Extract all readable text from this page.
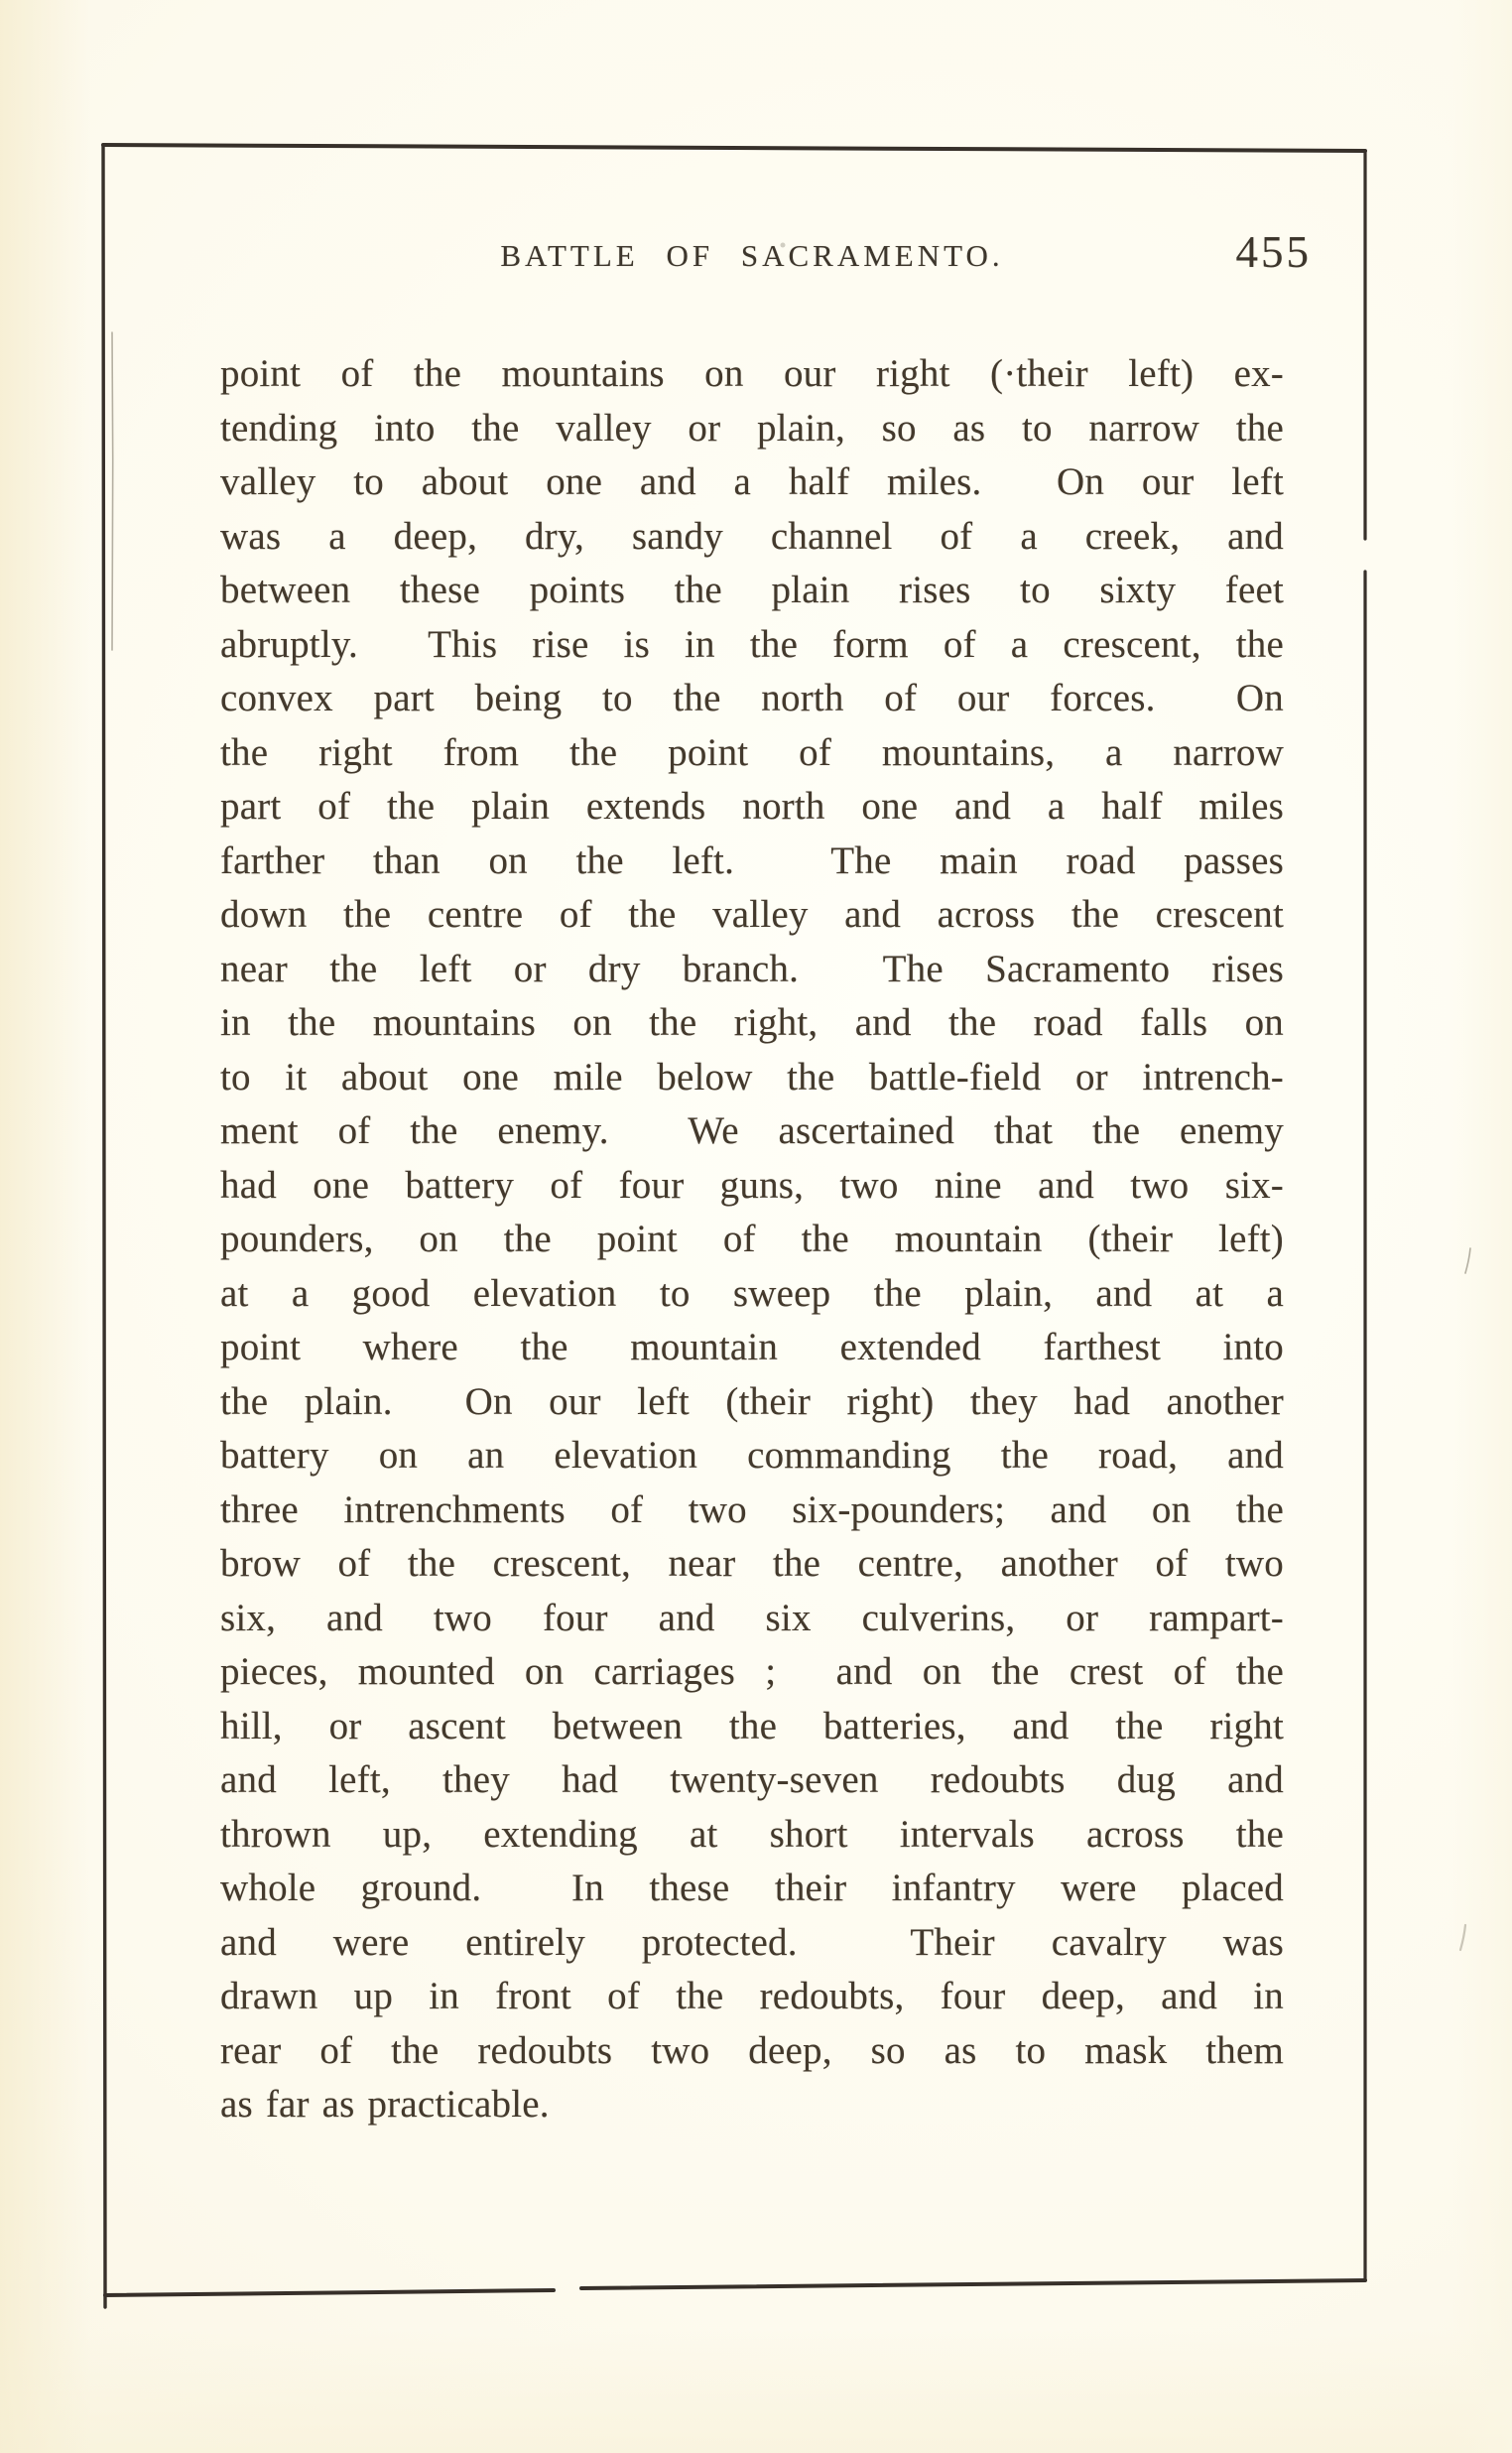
BATTLE OF SACRAMENTO.	455
point of the mountains on our right (·their left) ex-
tending into the valley or plain, so as to narrow the
valley to about one and a half miles.  On our left
was a deep, dry, sandy channel of a creek, and
between these points the plain rises to sixty feet
abruptly.  This rise is in the form of a crescent, the
convex part being to the north of our forces.  On
the right from the point of mountains, a narrow
part of the plain extends north one and a half miles
farther than on the left.  The main road passes
down the centre of the valley and across the crescent
near the left or dry branch.  The Sacramento rises
in the mountains on the right, and the road falls on
to it about one mile below the battle-field or intrench-
ment of the enemy.  We ascertained that the enemy
had one battery of four guns, two nine and two six-
pounders, on the point of the mountain (their left)
at a good elevation to sweep the plain, and at a
point where the mountain extended farthest into
the plain.  On our left (their right) they had another
battery on an elevation commanding the road, and
three intrenchments of two six-pounders; and on the
brow of the crescent, near the centre, another of two
six, and two four and six culverins, or rampart-
pieces, mounted on carriages ;  and on the crest of the
hill, or ascent between the batteries, and the right
and left, they had twenty-seven redoubts dug and
thrown up, extending at short intervals across the
whole ground.  In these their infantry were placed
and were entirely protected.  Their cavalry was
drawn up in front of the redoubts, four deep, and in
rear of the redoubts two deep, so as to mask them
as far as practicable.
